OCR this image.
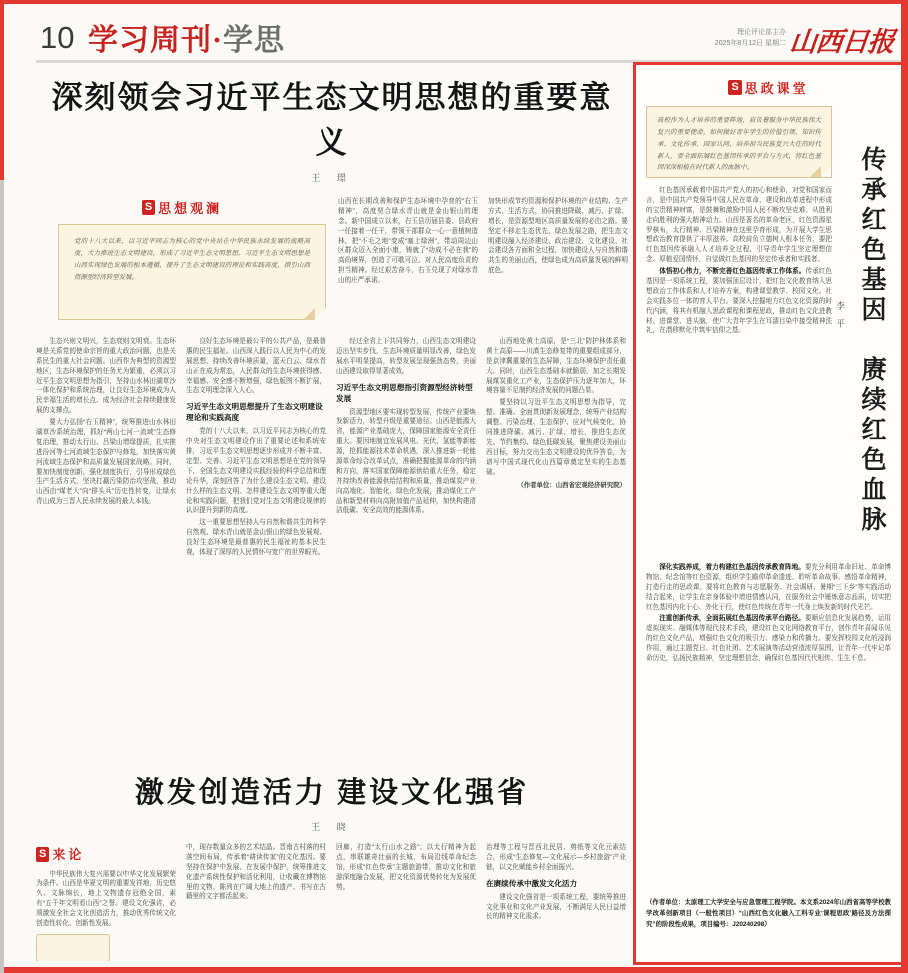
10 学习周刊·学思	理论评论部主办
2025年8月12日 星期二 山西日报
深刻领会习近平生态文明思想的重要意义
王 璟
S 思想观澜
党的十八大以来，以习近平同志为核心的党中央站在中华民族永续发展的战略高度，大力推进生态文明建设，形成了习近平生态文明思想。习近平生态文明思想是山西实现绿色发展的根本遵循，提升了生态文明建设的理论和实践高度，指引山西资源型经济转型发展。

山西在长期改善和保护生态环境中孕育的“右玉精神”，高度契合绿水青山就是金山银山的理念。新中国成立以来，右玉县历届县委、县政府一任接着一任干，带领干部群众一心一意植树造林，把“不毛之地”变成“塞上绿洲”，带动周边山区群众迈入全面小康，铸就了“功成不必在我”的高尚境界，创造了可歌可泣、对人民高度负责的担当精神。经过艰苦奋斗，右玉兑现了对绿水青山的庄严承诺。

加快形成节约资源和保护环境的产业结构、生产方式、生活方式，协同推进降碳、减污、扩绿、增长，是资源型地区高质量发展的必由之路。要坚定不移走生态优先、绿色发展之路，把生态文明建设融入经济建设、政治建设、文化建设、社会建设各方面和全过程，加快建设人与自然和谐共生的美丽山西，使绿色成为高质量发展的鲜明底色。

生态兴则文明兴，生态衰则文明衰。生态环境是关系党的使命宗旨的重大政治问题，也是关系民生的重大社会问题。山西作为典型的资源型地区，生态环境保护的任务尤为繁重，必须以习近平生态文明思想为指引，坚持山水林田湖草沙一体化保护和系统治理，让良好生态环境成为人民幸福生活的增长点、成为经济社会持续健康发展的支撑点。

要大力弘扬“右玉精神”，统筹推进山水林田湖草沙系统治理，抓好“两山七河一流域”生态修复治理，推动太行山、吕梁山增绿提质，扎实推进汾河等七河流域生态保护与修复，加快落实黄河流域生态保护和高质量发展国家战略。同时，要加快制度创新，强化制度执行，引导形成绿色生产生活方式，坚决打赢污染防治攻坚战，推动山西由“煤老大”向“排头兵”历史性转变，让绿水青山成为三晋人民永续发展的最大本钱。

良好生态环境是最公平的公共产品，是最普惠的民生福祉。山西深入践行以人民为中心的发展思想，持续改善环境质量，蓝天白云、绿水青山正在成为常态，人民群众的生态环境获得感、幸福感、安全感不断增强，绿色版图不断扩展，生态文明理念深入人心。

习近平生态文明思想提升了生态文明建设理论和实践高度

党的十八大以来，以习近平同志为核心的党中央对生态文明建设作出了重要论述和系统安排，习近平生态文明思想逐步形成并不断丰富、定型、完善。习近平生态文明思想是在党的领导下，全国生态文明建设实践经验的科学总结和理论升华，深刻回答了为什么建设生态文明、建设什么样的生态文明、怎样建设生态文明等重大理论和实践问题，把我们党对生态文明建设规律的认识提升到新的高度。

这一重要思想坚持人与自然和谐共生的科学自然观、绿水青山就是金山银山的绿色发展观、良好生态环境是最普惠的民生福祉的基本民生观，体现了深厚的人民情怀与宽广的世界眼光。

经过全省上下共同努力，山西生态文明建设迈出坚实步伐，生态环境质量明显改善，绿色发展水平明显提高，转型发展呈现强劲态势，美丽山西建设取得显著成效。

习近平生态文明思想指引资源型经济转型发展

资源型地区要实现转型发展，传统产业要焕发新活力，转型升级是重要途径。山西是能源大省，能源产业基础庞大，保障国家能源安全责任重大。要因地制宜发展风电、光伏、氢能等新能源，抢抓能源技术革命机遇，深入推进新一轮能源革命综合改革试点，准确把握能源革命的内涵和方向，落实国家保障能源供给重大任务，稳定并持续改善能源供给结构和质量，推动煤炭产业向高端化、智能化、绿色化发展，推动煤化工产品和新型材料向高附加值产品延伸，加快构建清洁低碳、安全高效的能源体系。

山西地处黄土高原，是“三北”防护林体系和黄土高原——川滇生态修复带的重要组成部分，是京津冀重要的生态屏障，生态环境保护责任重大。同时，山西生态基础本就脆弱，加之长期发展煤炭重化工产业，生态保护压力逐年加大，环境容量不足制约经济发展的问题凸显。

要坚持以习近平生态文明思想为指导，完整、准确、全面贯彻新发展理念，统筹产业结构调整、污染治理、生态保护、应对气候变化，协同推进降碳、减污、扩绿、增长，推进生态优先、节约集约、绿色低碳发展，聚焦建设美丽山西目标，努力交出生态文明建设的优异答卷，为谱写中国式现代化山西篇章奠定坚实的生态基础。

（作者单位：山西省宏观经济研究院）
S 思政课堂
高校作为人才培养的重要阵地，肩负着服务中华民族伟大复兴的重要使命，如何做好青年学生的价值引领、知识传承、文化传承、国家认同，培养担当民族复兴大任的时代新人，要全面拓展红色基因传承的平台与方式，将红色基因深深根植在时代新人的血脉中。

红色基因承载着中国共产党人的初心和使命，对党和国家而言，是中国共产党领导中国人民在革命、建设和改革进程中形成的宝贵精神财富，是鼓舞和激励中国人民不断攻坚克难、从胜利走向胜利的强大精神动力。山西是著名的革命老区，红色资源星罗棋布，太行精神、吕梁精神在这里孕育形成，为开展大学生思想政治教育提供了丰厚滋养。高校肩负立德树人根本任务，要把红色基因传承融入人才培养全过程，引导青年学生坚定理想信念、厚植爱国情怀，自觉做红色基因的坚定传承者和实践者。

体悟初心伟力，不断完善红色基因传承工作体系。传承红色基因是一项系统工程，要加强顶层设计，把红色文化教育纳入思想政治工作体系和人才培养方案，构建课堂教学、校园文化、社会实践多位一体的育人平台。要深入挖掘地方红色文化资源的时代内涵，将其有机融入思政课程和课程思政，推动红色文化进教材、进课堂、进头脑，使广大青年学生在耳濡目染中接受精神洗礼，在潜移默化中筑牢信仰之基。	传承红色基因　赓续红色血脉
李 平

深化实践养成，着力构建红色基因传承教育阵地。要充分利用革命旧址、革命博物馆、纪念馆等红色资源，组织学生瞻仰革命遗迹、聆听革命故事、感悟革命精神，打造行走的思政课。要将红色教育与志愿服务、社会调研、暑期“三下乡”等实践活动结合起来，让学生在亲身体验中增进情感认同，在服务社会中锤炼意志品质，切实把红色基因内化于心、外化于行，使红色传统在青年一代身上焕发新的时代光芒。

注重创新传承，全面拓展红色基因传承平台路径。要顺应信息化发展趋势，运用虚拟现实、融媒体等现代技术手段，建设红色文化网络教育平台，创作青年喜闻乐见的红色文化产品，增强红色文化的吸引力、感染力和传播力。要发挥校园文化的浸润作用，通过主题党日、红色社团、艺术展演等活动营造浓厚氛围，让青年一代牢记革命历史，弘扬民族精神，坚定理想信念，确保红色基因代代相传、生生不息。

（作者单位：太原理工大学安全与应急管理工程学院。本文系2024年山西省高等学校教学改革创新项目（一般性项目）“山西红色文化融入工科专业‘课程思政’路径及方法探究”的阶段性成果，项目编号：J20240298）
激发创造活力 建设文化强省
王 晓
S 来论

中华民族伟大复兴需要以中华文化发展繁荣为条件。山西是华夏文明的重要发祥地，历史悠久、文脉绵长，地上文物遗存冠绝全国，素有“五千年文明看山西”之誉。建设文化强省，必须激发全社会文化创造活力，推动优秀传统文化创造性转化、创新性发展。

中，现存数量众多的艺术结晶。晋南古村落的村落空间布局，传承着“耕读传家”的文化基因。要坚持在保护中发展、在发展中保护，统筹推进文化遗产系统性保护和活化利用，让收藏在博物馆里的文物、陈列在广阔大地上的遗产、书写在古籍里的文字都活起来。

回廊，打造“太行山水之路”；以太行精神为起点，串联雄奇壮丽的长城，布局沿线革命纪念馆，形成“红色传承”主题旅游带，推动文化和旅游深度融合发展，把文化资源优势转化为发展优势。

治理等工程与晋西北民居、剪纸等文化元素结合，形成“生态修复—文化展示—乡村旅游”产业链，以文化赋能乡村全面振兴。

在赓续传承中激发文化活力

建设文化强省是一项系统工程，要统筹推进文化事业和文化产业发展，不断满足人民日益增长的精神文化需求。
